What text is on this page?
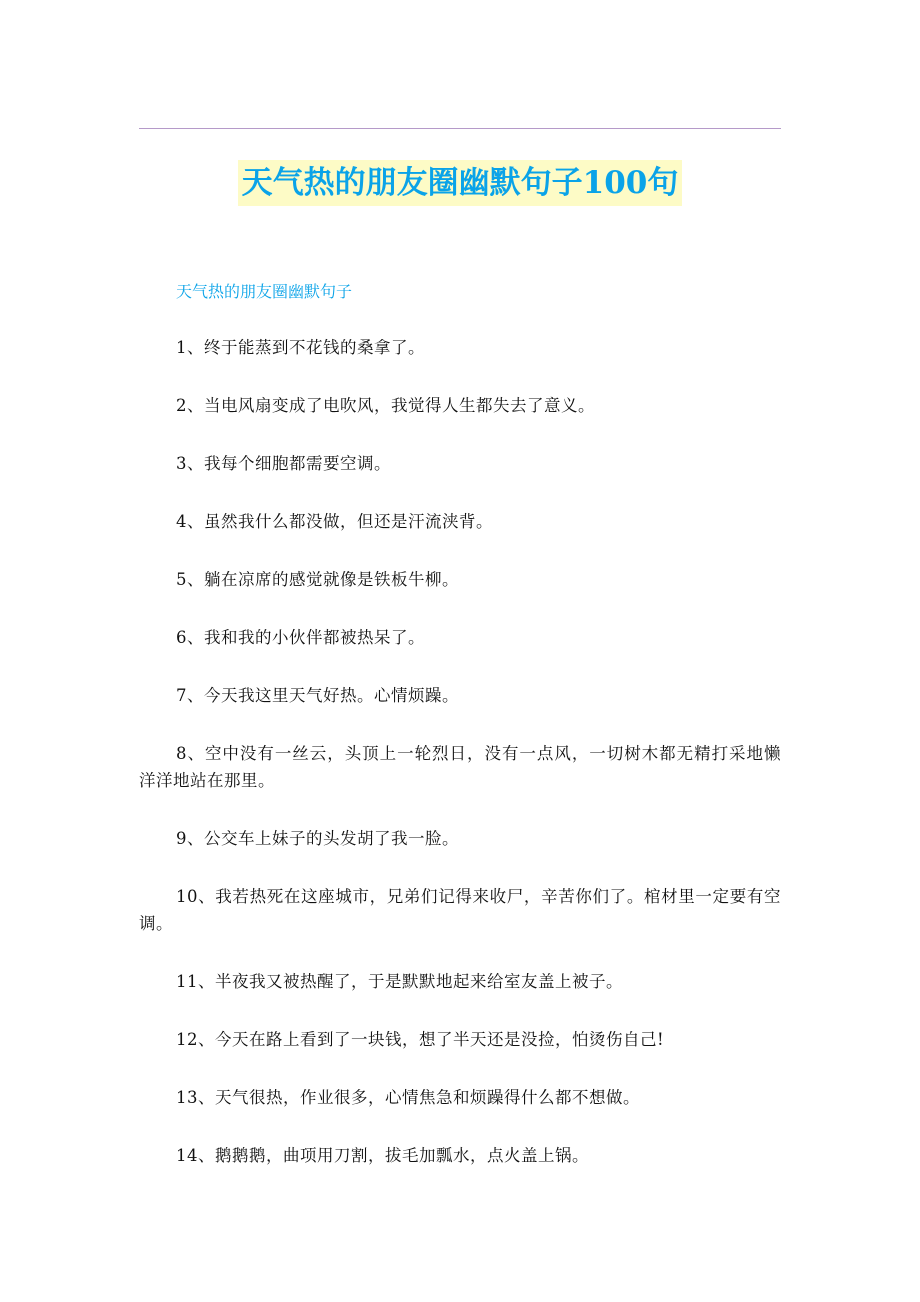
天气热的朋友圈幽默句子100句
天气热的朋友圈幽默句子
1、终于能蒸到不花钱的桑拿了。
2、当电风扇变成了电吹风，我觉得人生都失去了意义。
3、我每个细胞都需要空调。
4、虽然我什么都没做，但还是汗流浃背。
5、躺在凉席的感觉就像是铁板牛柳。
6、我和我的小伙伴都被热呆了。
7、今天我这里天气好热。心情烦躁。
8、空中没有一丝云，头顶上一轮烈日，没有一点风，一切树木都无精打采地懒洋洋地站在那里。
9、公交车上妹子的头发胡了我一脸。
10、我若热死在这座城市，兄弟们记得来收尸，辛苦你们了。棺材里一定要有空调。
11、半夜我又被热醒了，于是默默地起来给室友盖上被子。
12、今天在路上看到了一块钱，想了半天还是没捡，怕烫伤自己!
13、天气很热，作业很多，心情焦急和烦躁得什么都不想做。
14、鹅鹅鹅，曲项用刀割，拔毛加瓢水，点火盖上锅。
